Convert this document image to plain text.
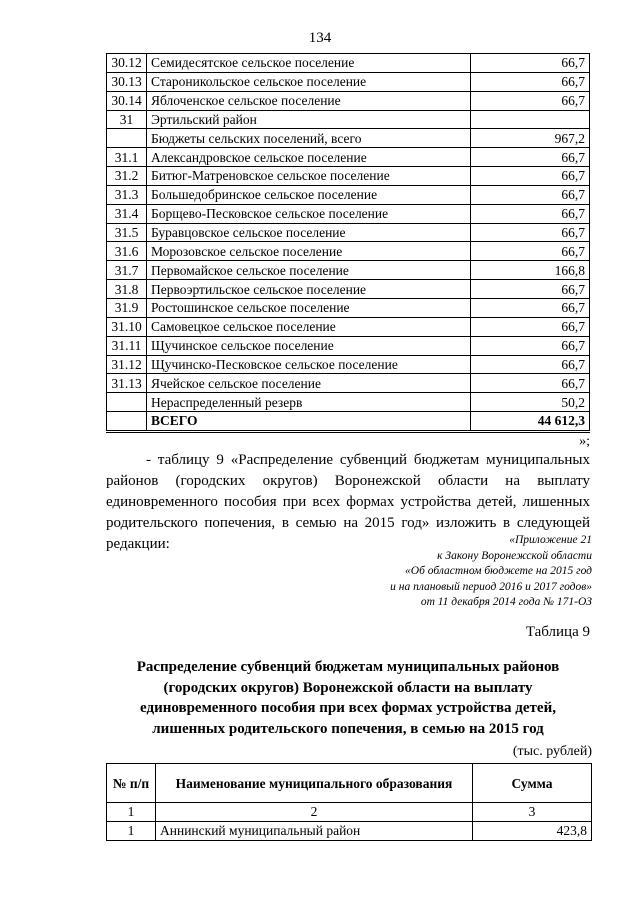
134
30.12	Семидесятское сельское поселение	66,7
30.13	Староникольское сельское поселение	66,7
30.14	Яблоченское сельское поселение	66,7
31	Эртильский район	
	Бюджеты сельских поселений, всего	967,2
31.1	Александровское сельское поселение	66,7
31.2	Битюг-Матреновское сельское поселение	66,7
31.3	Большедобринское сельское поселение	66,7
31.4	Борщево-Песковское сельское поселение	66,7
31.5	Буравцовское сельское поселение	66,7
31.6	Морозовское сельское поселение	66,7
31.7	Первомайское сельское поселение	166,8
31.8	Первоэртильское сельское поселение	66,7
31.9	Ростошинское сельское поселение	66,7
31.10	Самовецкое сельское поселение	66,7
31.11	Щучинское сельское поселение	66,7
31.12	Щучинско-Песковское сельское поселение	66,7
31.13	Ячейское сельское поселение	66,7
	Нераспределенный резерв	50,2
	ВСЕГО	44 612,3
»;

- таблицу 9 «Распределение субвенций бюджетам муниципальных районов (городских округов) Воронежской области на выплату единовременного пособия при всех формах устройства детей, лишенных родительского попечения, в семью на 2015 год» изложить в следующей редакции:	«Приложение 21
к Закону Воронежской области
«Об областном бюджете на 2015 год
и на плановый период 2016 и 2017 годов»
от 11 декабря 2014 года № 171-ОЗ
Таблица 9
Распределение субвенций бюджетам муниципальных районов
(городских округов) Воронежской области на выплату
единовременного пособия при всех формах устройства детей,
лишенных родительского попечения, в семью на 2015 год
(тыс. рублей)
№ п/п	Наименование муниципального образования	Сумма
1	2	3
1	Аннинский муниципальный район	423,8
